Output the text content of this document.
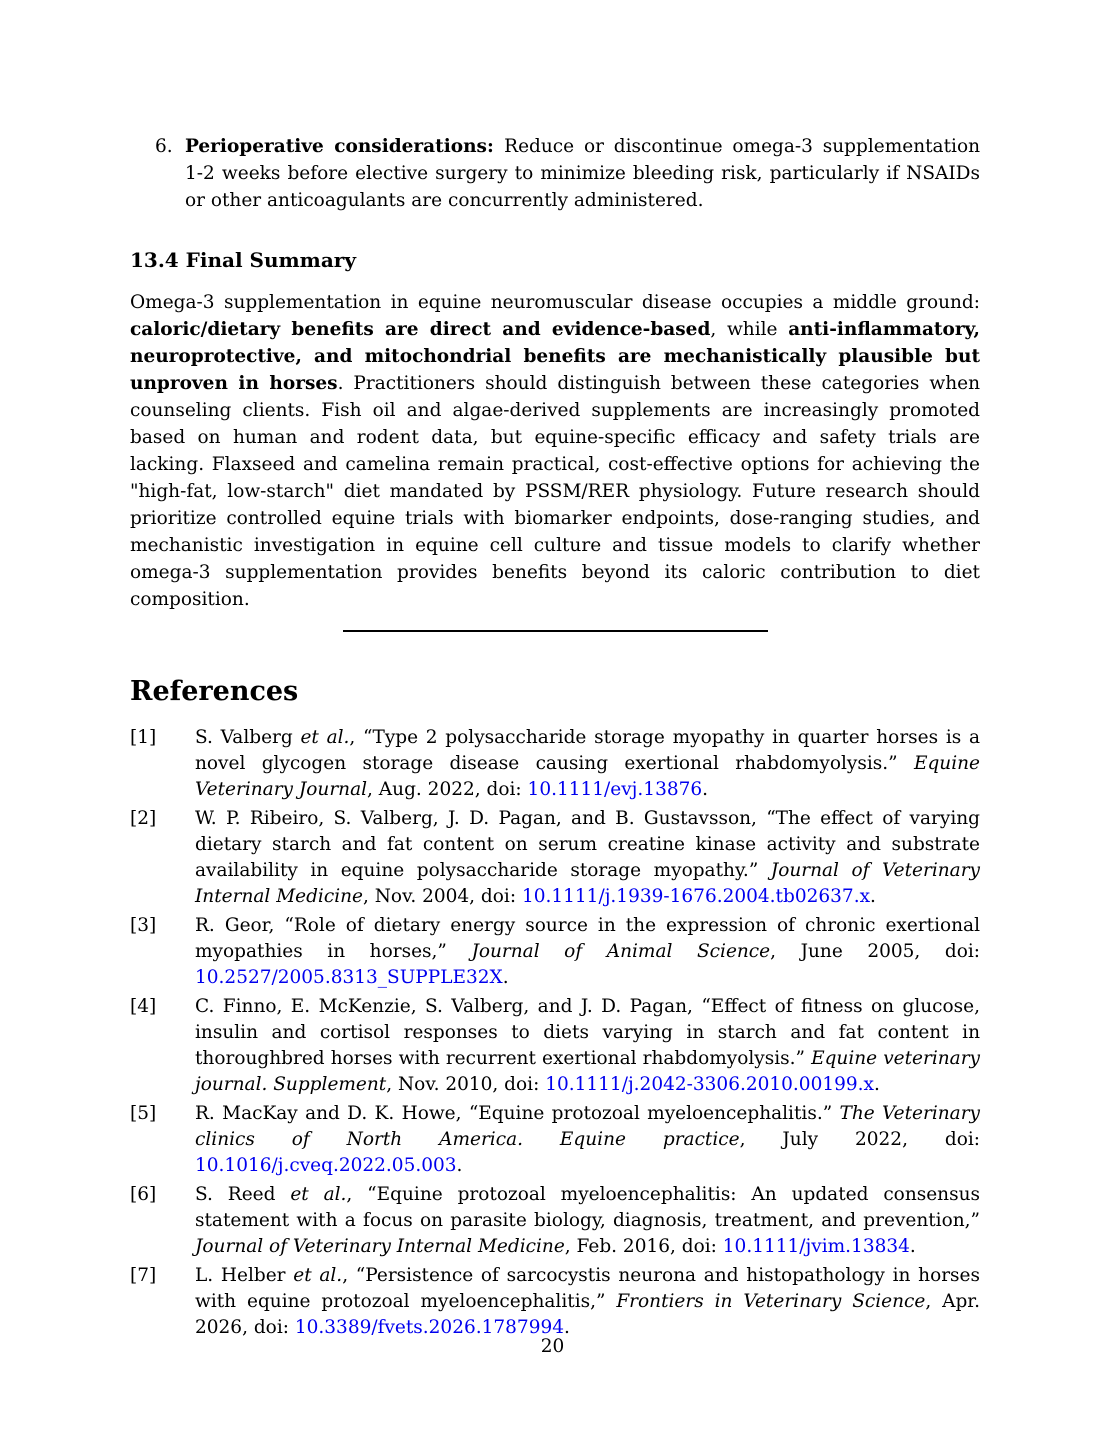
6. Perioperative considerations: Reduce or discontinue omega-3 supplementation 1-2 weeks before elective surgery to minimize bleeding risk, particularly if NSAIDs or other anticoagulants are concurrently administered.
13.4 Final Summary

Omega-3 supplementation in equine neuromuscular disease occupies a middle ground: caloric/dietary benefits are direct and evidence-based, while anti-inflammatory, neuroprotective, and mitochondrial benefits are mechanistically plausible but unproven in horses. Practitioners should distinguish between these categories when counseling clients. Fish oil and algae-derived supplements are increasingly promoted based on human and rodent data, but equine-specific efficacy and safety trials are lacking. Flaxseed and camelina remain practical, cost-effective options for achieving the "high-fat, low-starch" diet mandated by PSSM/RER physiology. Future research should prioritize controlled equine trials with biomarker endpoints, dose-ranging studies, and mechanistic investigation in equine cell culture and tissue models to clarify whether omega-3 supplementation provides benefits beyond its caloric contribution to diet composition.

References
[1]	S. Valberg et al., “Type 2 polysaccharide storage myopathy in quarter horses is a novel glycogen storage disease causing exertional rhabdomyolysis.” Equine Veterinary Journal, Aug. 2022, doi: 10.1111/evj.13876.
[2]	W. P. Ribeiro, S. Valberg, J. D. Pagan, and B. Gustavsson, “The effect of varying dietary starch and fat content on serum creatine kinase activity and substrate availability in equine polysaccharide storage myopathy.” Journal of Veterinary Internal Medicine, Nov. 2004, doi: 10.1111/j.1939-1676.2004.tb02637.x.
[3]	R. Geor, “Role of dietary energy source in the expression of chronic exertional myopathies in horses,” Journal of Animal Science, June 2005, doi: 10.2527/2005.8313_SUPPLE32X.
[4]	C. Finno, E. McKenzie, S. Valberg, and J. D. Pagan, “Effect of fitness on glucose, insulin and cortisol responses to diets varying in starch and fat content in thoroughbred horses with recurrent exertional rhabdomyolysis.” Equine veterinary journal. Supplement, Nov. 2010, doi: 10.1111/j.2042-3306.2010.00199.x.
[5]	R. MacKay and D. K. Howe, “Equine protozoal myeloencephalitis.” The Veterinary clinics of North America. Equine practice, July 2022, doi: 10.1016/j.cveq.2022.05.003.
[6]	S. Reed et al., “Equine protozoal myeloencephalitis: An updated consensus statement with a focus on parasite biology, diagnosis, treatment, and prevention,” Journal of Veterinary Internal Medicine, Feb. 2016, doi: 10.1111/jvim.13834.
[7]	L. Helber et al., “Persistence of sarcocystis neurona and histopathology in horses with equine protozoal myeloencephalitis,” Frontiers in Veterinary Science, Apr. 2026, doi: 10.3389/fvets.2026.1787994.
20
